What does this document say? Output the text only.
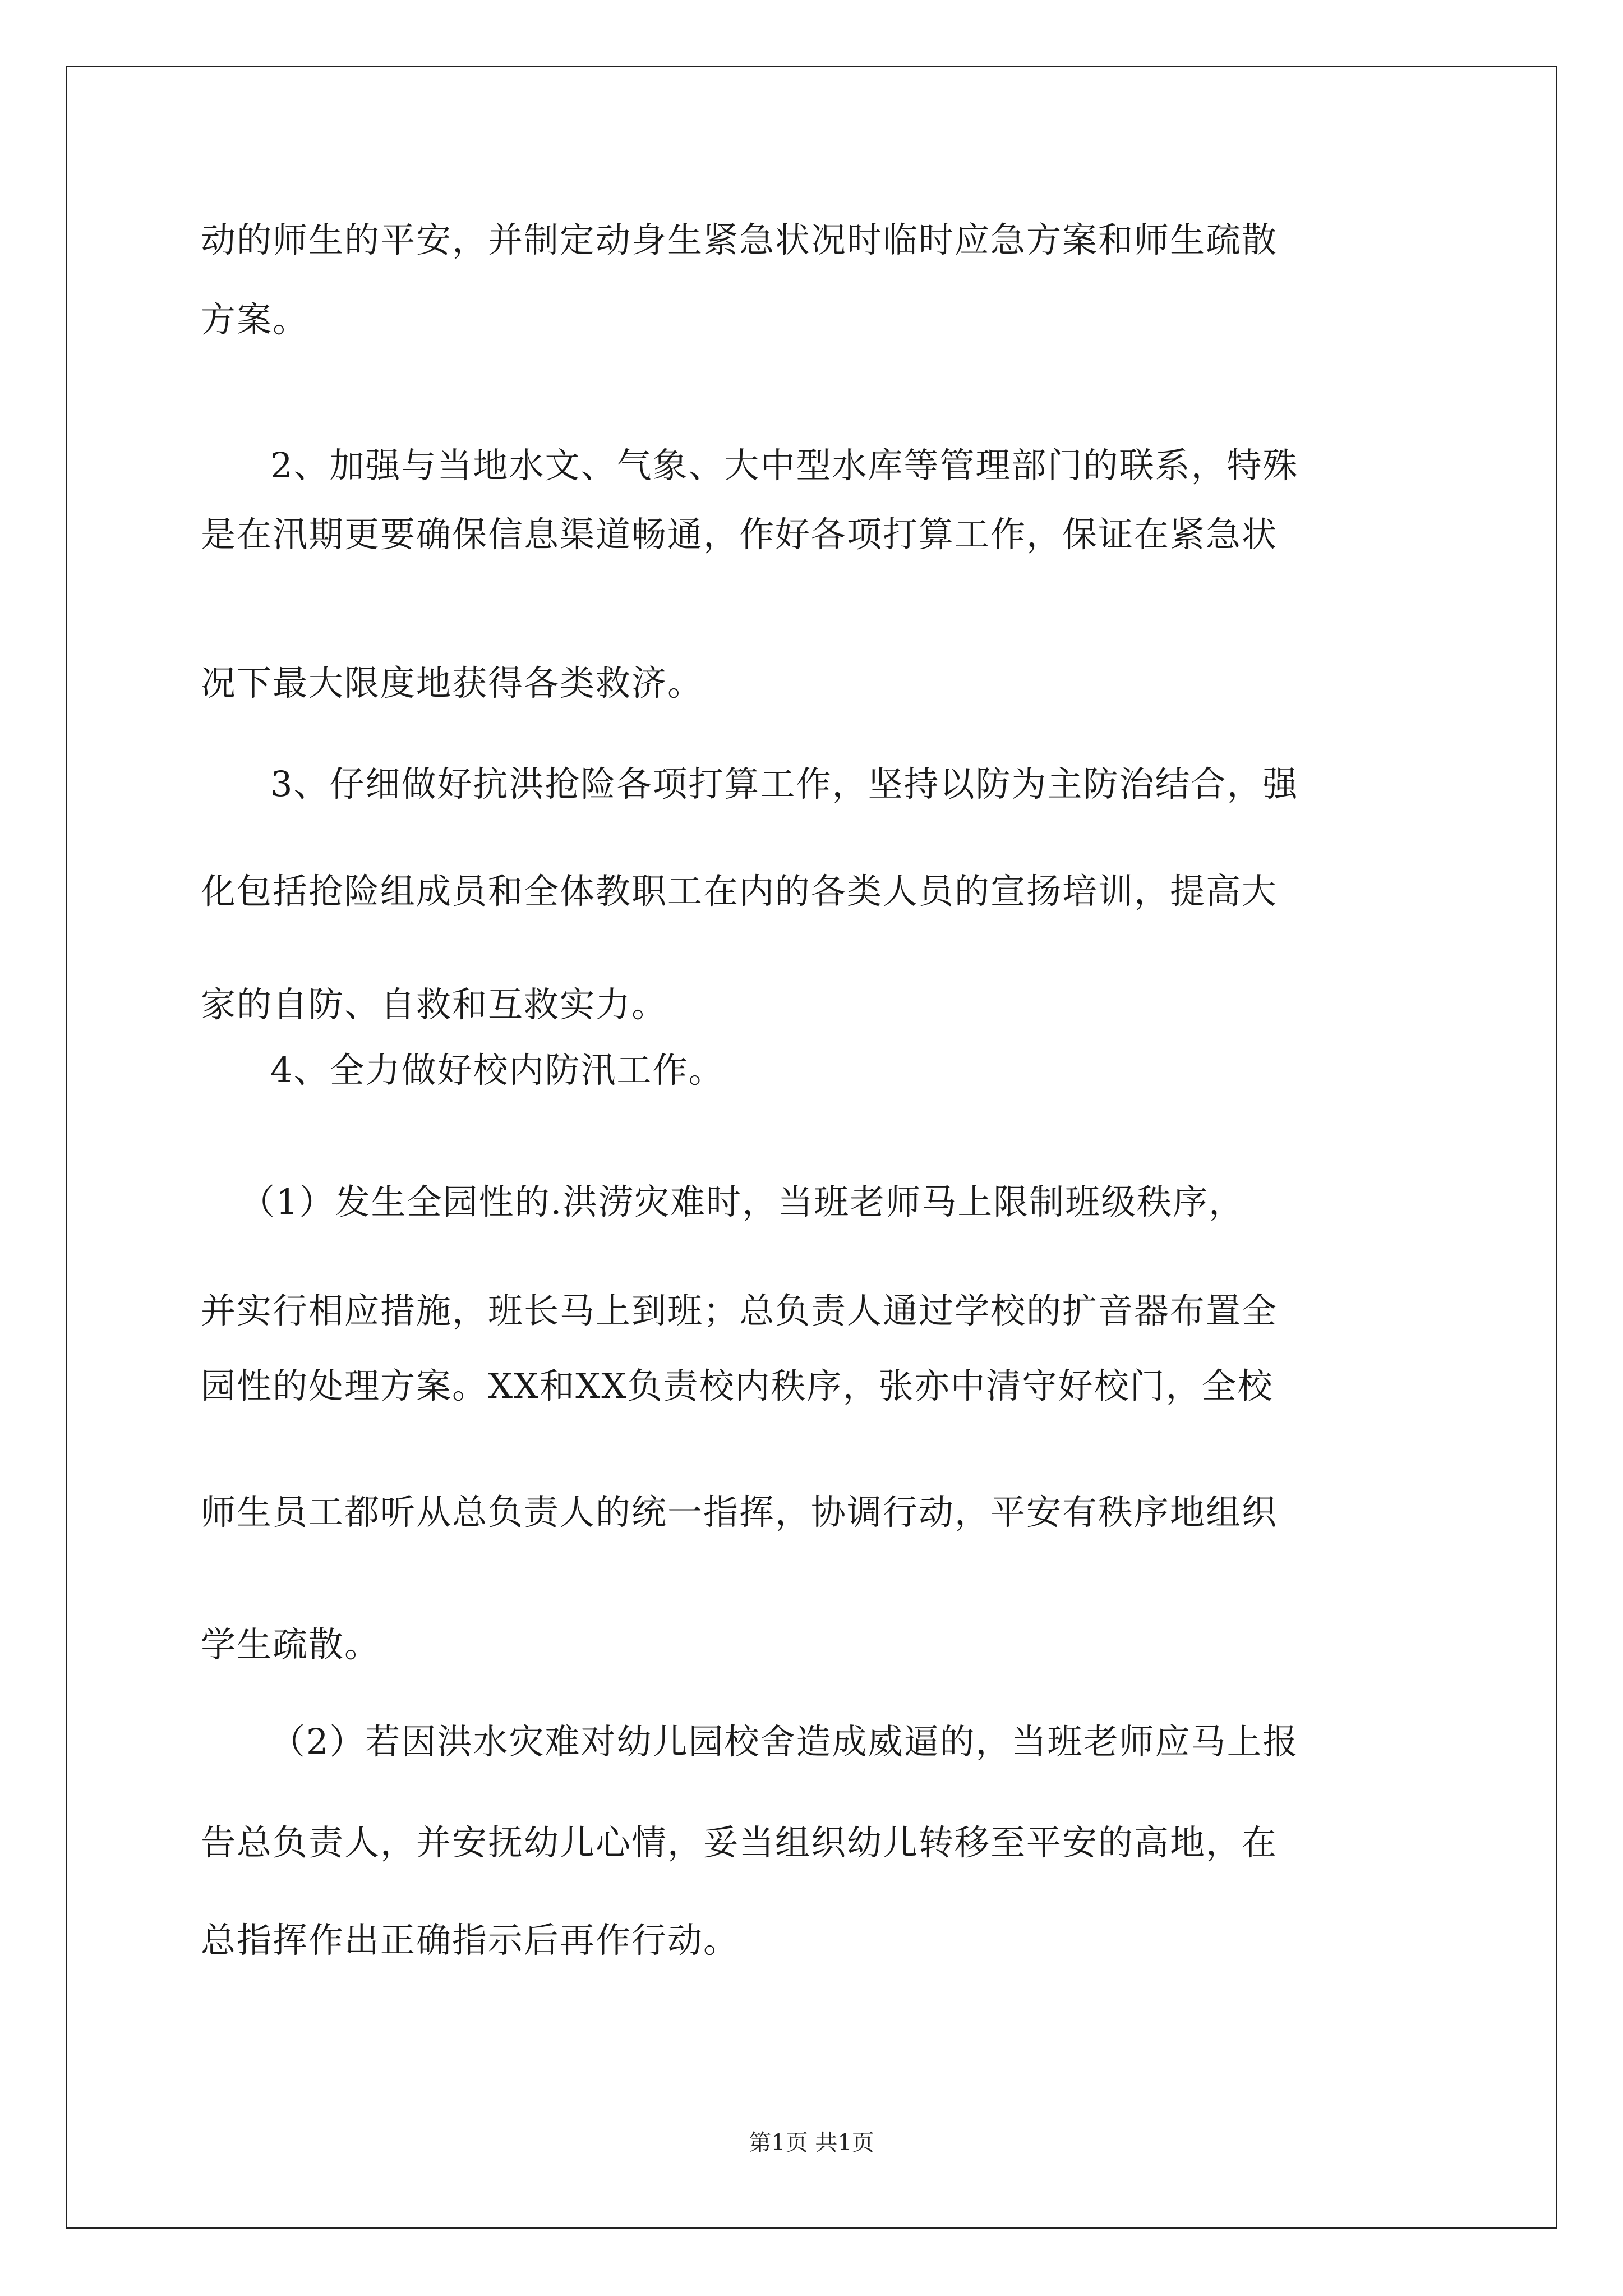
动的师生的平安，并制定动身生紧急状况时临时应急方案和师生疏散
方案。
2、加强与当地水文、气象、大中型水库等管理部门的联系，特殊
是在汛期更要确保信息渠道畅通，作好各项打算工作，保证在紧急状
况下最大限度地获得各类救济。
3、仔细做好抗洪抢险各项打算工作，坚持以防为主防治结合，强
化包括抢险组成员和全体教职工在内的各类人员的宣扬培训，提高大
家的自防、自救和互救实力。
4、全力做好校内防汛工作。
（1）发生全园性的.洪涝灾难时，当班老师马上限制班级秩序，
并实行相应措施，班长马上到班；总负责人通过学校的扩音器布置全
园性的处理方案。XX和XX负责校内秩序，张亦中清守好校门，全校
师生员工都听从总负责人的统一指挥，协调行动，平安有秩序地组织
学生疏散。
（2）若因洪水灾难对幼儿园校舍造成威逼的，当班老师应马上报
告总负责人，并安抚幼儿心情，妥当组织幼儿转移至平安的高地，在
总指挥作出正确指示后再作行动。
第1页 共1页
